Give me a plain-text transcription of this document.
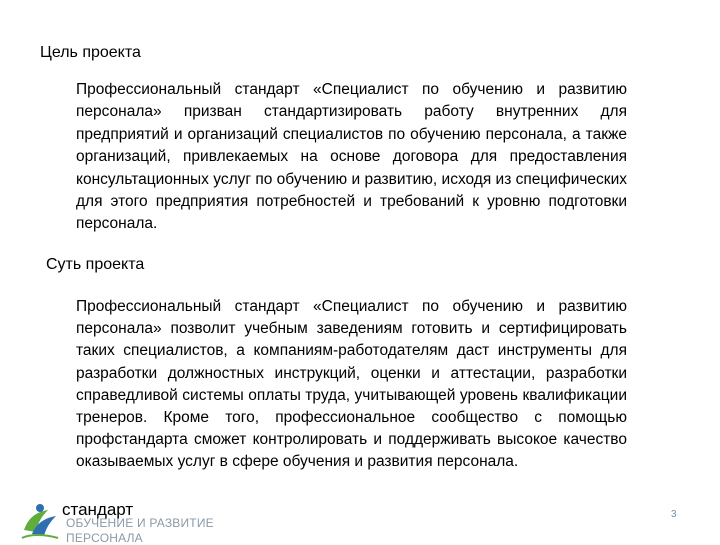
Цель проекта

Профессиональный стандарт «Специалист по обучению и развитию персонала» призван стандартизировать работу внутренних для предприятий и организаций специалистов по обучению персонала, а также организаций, привлекаемых на основе договора для предоставления консультационных услуг по обучению и развитию, исходя из специфических для этого предприятия потребностей и требований к уровню подготовки персонала.

Суть проекта

Профессиональный стандарт «Специалист по обучению и развитию персонала» позволит учебным заведениям готовить и сертифицировать таких специалистов, а компаниям-работодателям даст инструменты для разработки должностных инструкций, оценки и аттестации, разработки справедливой системы оплаты труда, учитывающей уровень квалификации тренеров. Кроме того, профессиональное сообщество с помощью профстандарта сможет контролировать и поддерживать высокое качество оказываемых услуг в сфере обучения и развития персонала.

стандарт
ОБУЧЕНИЕ И РАЗВИТИЕ
ПЕРСОНАЛА
3
